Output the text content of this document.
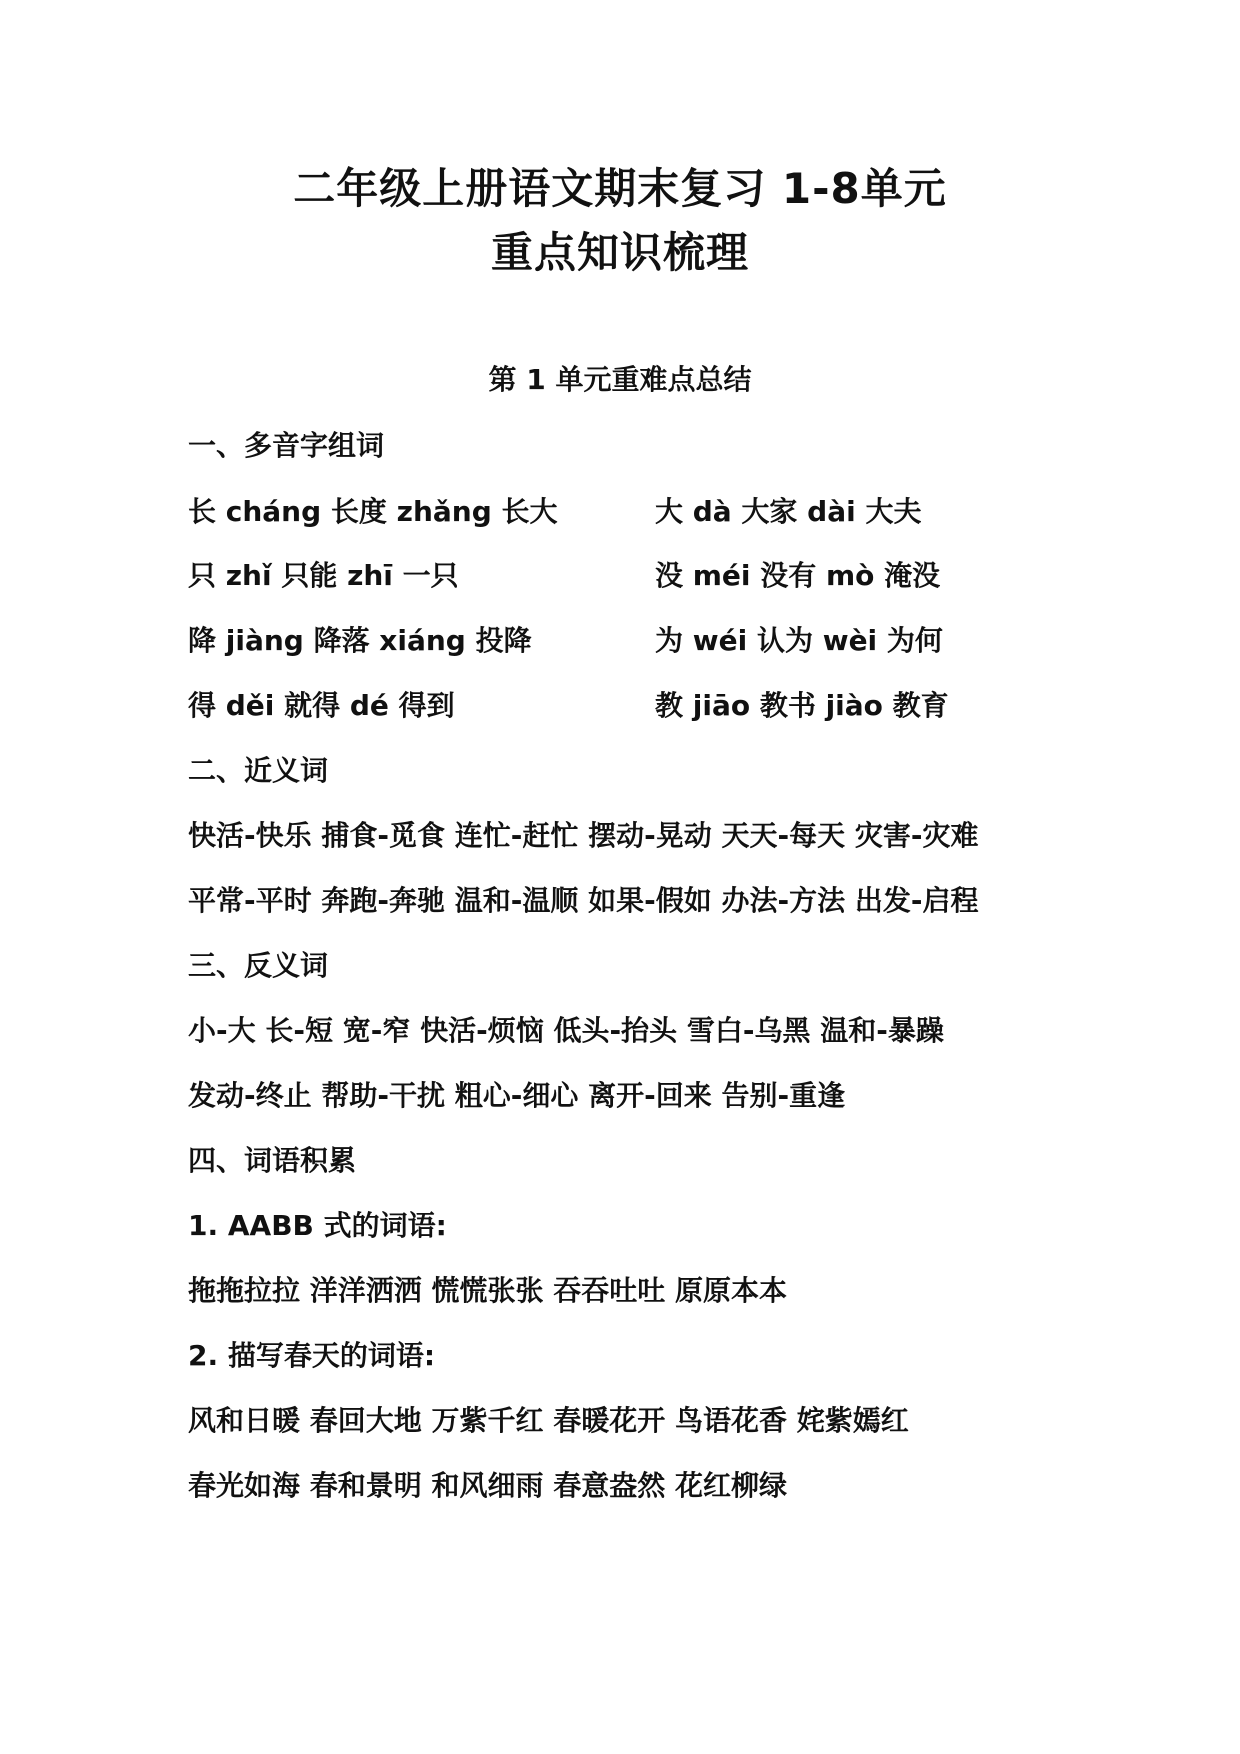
二年级上册语文期末复习 1-8单元
重点知识梳理
第 1 单元重难点总结
一、多音字组词
长 cháng 长度 zhǎng 长大	大 dà 大家 dài 大夫
只 zhǐ 只能 zhī 一只	没 méi 没有 mò 淹没
降 jiàng 降落 xiáng 投降	为 wéi 认为 wèi 为何
得 děi 就得 dé 得到	教 jiāo 教书 jiào 教育
二、近义词
快活-快乐 捕食-觅食 连忙-赶忙 摆动-晃动 天天-每天 灾害-灾难
平常-平时 奔跑-奔驰 温和-温顺 如果-假如 办法-方法 出发-启程
三、反义词
小-大 长-短 宽-窄 快活-烦恼 低头-抬头 雪白-乌黑 温和-暴躁
发动-终止 帮助-干扰 粗心-细心 离开-回来 告别-重逢
四、词语积累
1. AABB 式的词语:
拖拖拉拉 洋洋洒洒 慌慌张张 吞吞吐吐 原原本本
2. 描写春天的词语:
风和日暖 春回大地 万紫千红 春暖花开 鸟语花香 姹紫嫣红
春光如海 春和景明 和风细雨 春意盎然 花红柳绿
